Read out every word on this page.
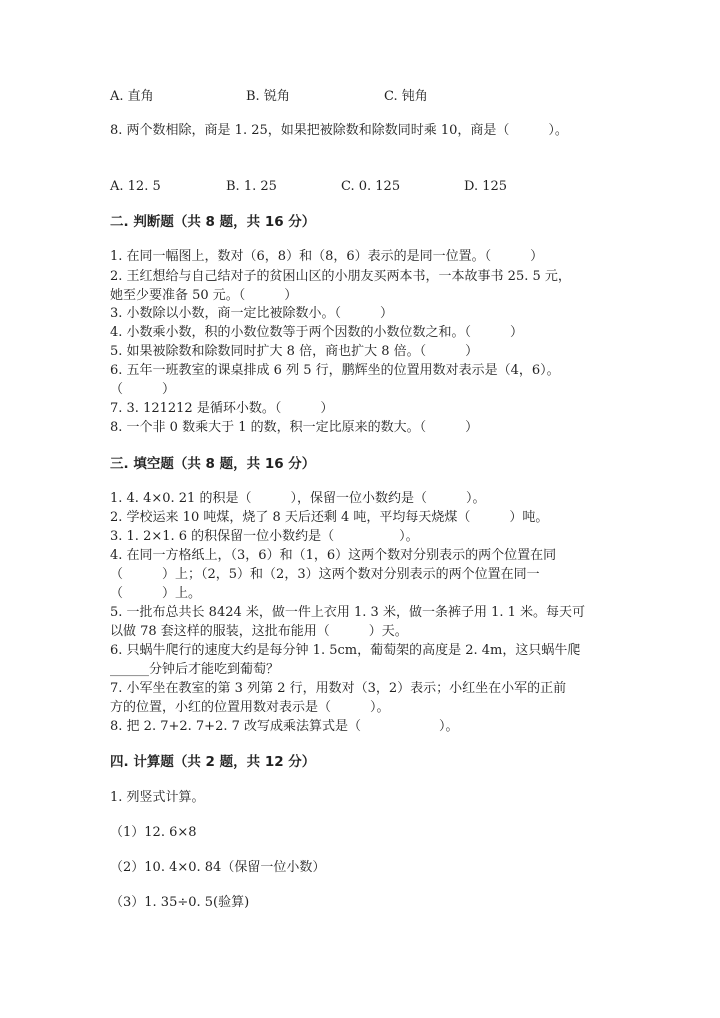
A. 直角	B. 锐角	C. 钝角
8. 两个数相除，商是 1. 25，如果把被除数和除数同时乘 10，商是（　　　）。
A. 12. 5	B. 1. 25	C. 0. 125	D. 125
二. 判断题（共 8 题，共 16 分）
1. 在同一幅图上，数对（6，8）和（8，6）表示的是同一位置。（　　　）
2. 王红想给与自己结对子的贫困山区的小朋友买两本书，一本故事书 25. 5 元，
她至少要准备 50 元。（　　　）
3. 小数除以小数，商一定比被除数小。（　　　）
4. 小数乘小数，积的小数位数等于两个因数的小数位数之和。（　　　）
5. 如果被除数和除数同时扩大 8 倍，商也扩大 8 倍。（　　　）
6. 五年一班教室的课桌排成 6 列 5 行，鹏辉坐的位置用数对表示是（4，6）。
（　　　）
7. 3. 121212 是循环小数。（　　　）
8. 一个非 0 数乘大于 1 的数，积一定比原来的数大。（　　　）
三. 填空题（共 8 题，共 16 分）
1. 4. 4×0. 21 的积是（　　　），保留一位小数约是（　　　）。
2. 学校运来 10 吨煤，烧了 8 天后还剩 4 吨，平均每天烧煤（　　　）吨。
3. 1. 2×1. 6 的积保留一位小数约是（　　　　　）。
4. 在同一方格纸上，（3，6）和（1，6）这两个数对分别表示的两个位置在同
（　　　）上；（2，5）和（2，3）这两个数对分别表示的两个位置在同一
（　　　）上。
5. 一批布总共长 8424 米，做一件上衣用 1. 3 米，做一条裤子用 1. 1 米。每天可
以做 78 套这样的服装，这批布能用（　　　）天。
6. 只蜗牛爬行的速度大约是每分钟 1. 5cm，葡萄架的高度是 2. 4m，这只蜗牛爬
______分钟后才能吃到葡萄？
7. 小军坐在教室的第 3 列第 2 行，用数对（3，2）表示；小红坐在小军的正前
方的位置，小红的位置用数对表示是（　　　）。
8. 把 2. 7+2. 7+2. 7 改写成乘法算式是（　　　　　　）。
四. 计算题（共 2 题，共 12 分）
1. 列竖式计算。
（1）12. 6×8
（2）10. 4×0. 84（保留一位小数）
（3）1. 35÷0. 5(验算)
